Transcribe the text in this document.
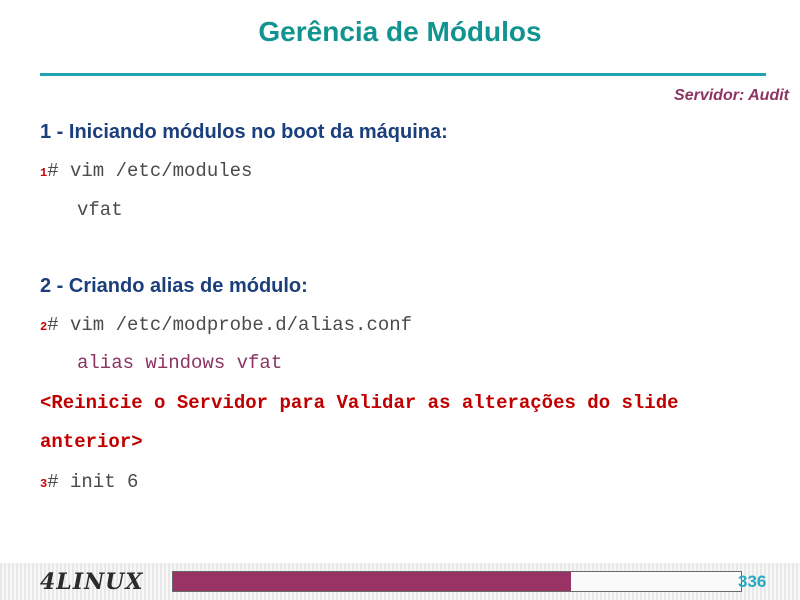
Gerência de Módulos
Servidor: Audit
1 - Iniciando módulos no boot da máquina:
1# vim /etc/modules
vfat
2 - Criando alias de módulo:
2# vim /etc/modprobe.d/alias.conf
alias windows vfat
<Reinicie o Servidor para Validar as alterações do slide
anterior>
3# init 6
4LINUX	336
